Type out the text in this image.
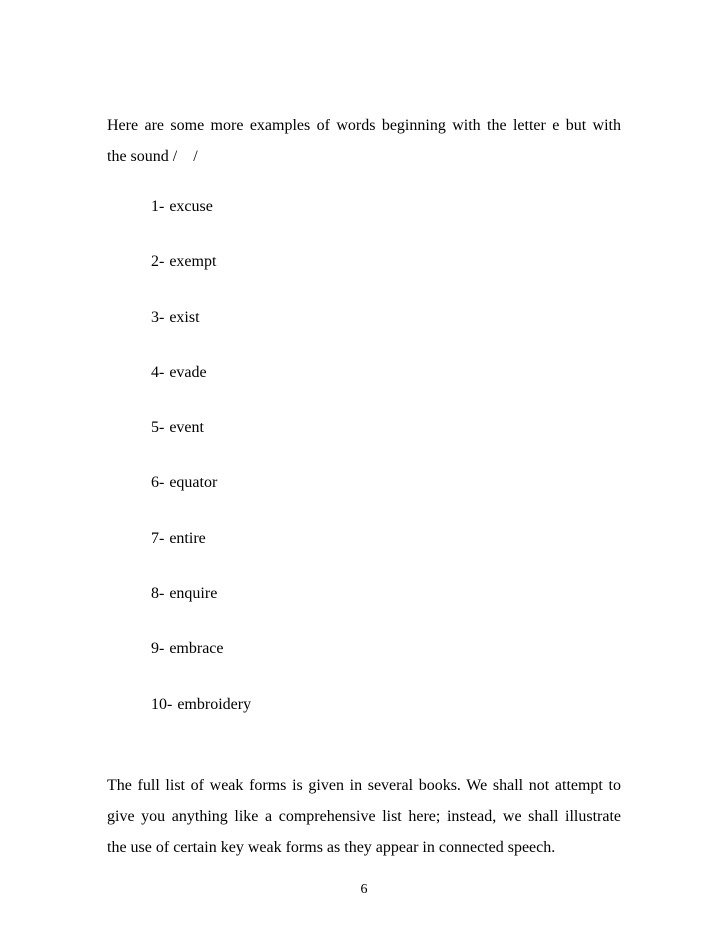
Here are some more examples of words beginning with the letter e but with
the sound /    /

1- excuse
2- exempt
3- exist
4- evade
5- event
6- equator
7- entire
8- enquire
9- embrace
10- embroidery

The full list of weak forms is given in several books. We shall not attempt to
give you anything like a comprehensive list here; instead, we shall illustrate
the use of certain key weak forms as they appear in connected speech.

6
